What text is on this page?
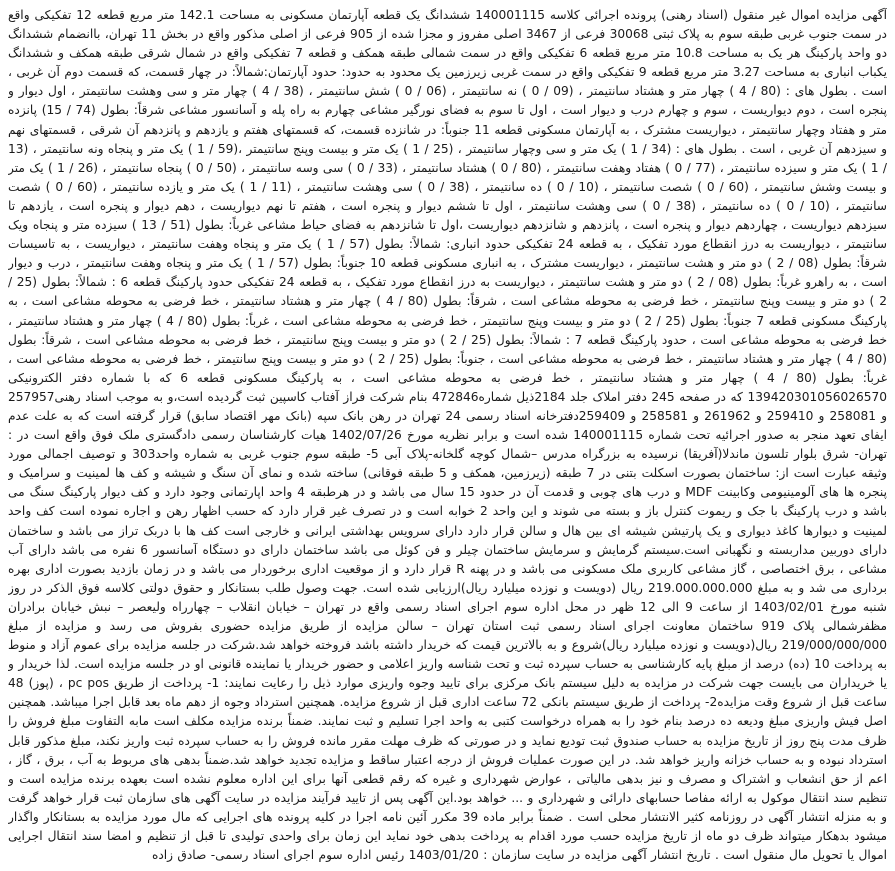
آگهی مزایده اموال غیر منقول (اسناد رهنی) پرونده اجرائی کلاسه 140001115 ششدانگ یک قطعه آپارتمان مسکونی به مساحت 142.1 متر مربع قطعه 12 تفکیکی واقع در سمت جنوب غربی طبقه سوم به پلاک ثبتی 30068 فرعی از 3467 اصلی مفروز و مجزا شده از 905 فرعی از اصلی مذکور واقع در بخش 11 تهران، باانضمام ششدانگ دو واحد پارکینگ هر یک به مساحت 10.8 متر مربع قطعه 6 تفکیکی واقع در سمت شمالی طبقه همکف و قطعه 7 تفکیکی واقع در شمال شرقی طبقه همکف و ششدانگ یکباب انباری به مساحت 3.27 متر مربع قطعه 9 تفکیکی واقع در سمت غربی زیرزمین یک محدود به حدود: حدود آپارتمان:شمالاً: در چهار قسمت، که قسمت دوم آن غربی ، است . بطول های : (80 / 4 ) چهار متر و هشتاد سانتیمتر ، (09 / 0 ) نه سانتیمتر ، (06 / 0 ) شش سانتیمتر ، (38 / 4 ) چهار متر و سی وهشت سانتیمتر ، اول دیوار و پنجره است ، دوم دیواریست ، سوم و چهارم درب و دیوار است ، اول تا سوم به فضای نورگیر مشاعی چهارم به راه پله و آسانسور مشاعی شرقاً: بطول (74 / 15) پانزده متر و هفتاد وچهار سانتیمتر ، دیواریست مشترک ، به آپارتمان مسکونی قطعه 11 جنوباً: در شانزده قسمت، که قسمتهای هفتم و یازدهم و پانزدهم آن شرقی ، قسمتهای نهم و سیزدهم آن غربی ، است . بطول های : (34 / 1 ) یک متر و سی وچهار سانتیمتر ، (25 / 1 ) یک متر و بیست وپنج سانتیمتر ،(59 / 1 ) یک متر و پنجاه ونه سانتیمتر ، (13 / 1 ) یک متر و سیزده سانتیمتر ، (77 / 0 ) هفتاد وهفت سانتیمتر ، (80 / 0 ) هشتاد سانتیمتر ، (33 / 0 ) سی وسه سانتیمتر ، (50 / 0 ) پنجاه سانتیمتر ، (26 / 1 ) یک متر و بیست وشش سانتیمتر ، (60 / 0 ) شصت سانتیمتر ، (10 / 0 ) ده سانتیمتر ، (38 / 0 ) سی وهشت سانتیمتر ، (11 / 1 ) یک متر و یازده سانتیمتر ، (60 / 0 ) شصت سانتیمتر ، (10 / 0 ) ده سانتیمتر ، (38 / 0 ) سی وهشت سانتیمتر ، اول تا ششم دیوار و پنجره است ، هفتم تا نهم دیواریست ، دهم دیوار و پنجره است ، یازدهم تا سیزدهم دیواریست ، چهاردهم دیوار و پنجره است ، پانزدهم و شانزدهم دیواریست ،اول تا شانزدهم به فضای حیاط مشاعی غرباً: بطول (51 / 13 ) سیزده متر و پنجاه ویک سانتیمتر ، دیواریست به درز انقطاع مورد تفکیک ، به قطعه 24 تفکیکی حدود انباری: شمالاً: بطول (57 / 1 ) یک متر و پنجاه وهفت سانتیمتر ، دیواریست ، به تاسیسات شرقاً: بطول (08 / 2 ) دو متر و هشت سانتیمتر ، دیواریست مشترک ، به انباری مسکونی قطعه 10 جنوباً: بطول (57 / 1 ) یک متر و پنجاه وهفت سانتیمتر ، درب و دیوار است ، به راهرو غرباً: بطول (08 / 2 ) دو متر و هشت سانتیمتر ، دیواریست به درز انقطاع مورد تفکیک ، به قطعه 24 تفکیکی حدود پارکینگ قطعه 6 : شمالاً: بطول (25 / 2 ) دو متر و بیست وپنج سانتیمتر ، خط فرضی به محوطه مشاعی است ، شرقاً: بطول (80 / 4 ) چهار متر و هشتاد سانتیمتر ، خط فرضی به محوطه مشاعی است ، به پارکینگ مسکونی قطعه 7 جنوباً: بطول (25 / 2 ) دو متر و بیست وپنج سانتیمتر ، خط فرضی به محوطه مشاعی است ، غرباً: بطول (80 / 4 ) چهار متر و هشتاد سانتیمتر ، خط فرضی به محوطه مشاعی است ، حدود پارکینگ قطعه 7 : شمالاً: بطول (25 / 2 ) دو متر و بیست وپنج سانتیمتر ، خط فرضی به محوطه مشاعی است ، شرقاً: بطول (80 / 4 ) چهار متر و هشتاد سانتیمتر ، خط فرضی به محوطه مشاعی است ، جنوباً: بطول (25 / 2 ) دو متر و بیست وپنج سانتیمتر ، خط فرضی به محوطه مشاعی است ، غرباً: بطول (80 / 4 ) چهار متر و هشتاد سانتیمتر ، خط فرضی به محوطه مشاعی است ، به پارکینگ مسکونی قطعه 6 که با شماره دفتر الکترونیکی 139420301056026570 که در صفحه 245 دفتر املاک جلد 2184ذیل شماره472846 بنام شرکت فراز آفتاب کاسپین ثبت گردیده است،و به موجب اسناد رهنی257957 و 258081 و 259410 و 261962 و 258581 و 259409دفترخانه اسناد رسمی 24 تهران در رهن بانک سپه (بانک مهر اقتصاد سابق) قرار گرفته است که به علت عدم ایفای تعهد منجر به صدور اجرائیه تحت شماره 140001115 شده است و برابر نظریه مورخ 1402/07/26 هیات کارشناسان رسمی دادگستری ملک فوق واقع است در : تهران- شرق بلوار تلسون ماندلا(آفریقا) نرسیده به بزرگراه مدرس –شمال کوچه گلخانه-پلاک آبی 5- طبقه سوم جنوب غربی به شماره واحد303 و توصیف اجمالی مورد وثیقه عبارت است از: ساختمان بصورت اسکلت بتنی در 7 طبقه (زیرزمین، همکف و 5 طبقه فوقانی) ساخته شده و نمای آن سنگ و شیشه و کف ها لمینیت و سرامیک و پنجره ها های آلومینیومی وکابینت MDF و درب های چوبی و قدمت آن در حدود 15 سال می باشد و در هرطبقه 4 واحد اپارتمانی وجود دارد و کف دیوار پارکینگ سنگ می باشد و درب پارکینگ با جک و ریموت کنترل باز و بسته می شوند و این واحد 2 خوابه است و در تصرف غیر قرار دارد که حسب اظهار رهن و اجاره نموده است کف واحد لمینیت و دیوارها کاغذ دیواری و یک پارتیشن شیشه ای بین هال و سالن قرار دارد دارای سرویس بهداشتی ایرانی و خارجی است کف ها با دربک تراز می باشد و ساختمان دارای دوربین مداربسته و نگهبانی است.سیستم گرمایش و سرمایش ساختمان چیلر و فن کوئل می باشد ساختمان دارای دو دستگاه آسانسور 6 نفره می باشد دارای آب مشاعی ، برق اختصاصی ، گاز مشاعی کاربری ملک مسکونی می باشد و در پهنه R قرار دارد و از موقعیت اداری برخوردار می باشد و در زمان بازدید بصورت اداری بهره برداری می شد و به مبلغ 219.000.000.000 ریال (دویست و نوزده میلیارد ریال)ارزیابی شده است. جهت وصول طلب بستانکار و حقوق دولتی کلاسه فوق الذکر در روز شنبه مورخ 1403/02/01 از ساعت 9 الی 12 ظهر در محل اداره سوم اجرای اسناد رسمی واقع در تهران – خیابان انقلاب – چهارراه ولیعصر – نبش خیابان برادران مظفرشمالی پلاک 919 ساختمان معاونت اجرای اسناد رسمی ثبت استان تهران – سالن مزایده از طریق مزایده حضوری بفروش می رسد و مزایده از مبلغ 219/000/000/000 ریال(دویست و نوزده میلیارد ریال)شروع و به بالاترین قیمت که خریدار داشته باشد فروخته خواهد شد.شرکت در جلسه مزایده برای عموم آزاد و منوط به پرداخت 10 (ده) درصد از مبلغ پایه کارشناسی به حساب سپرده ثبت و تحت شناسه واریز اعلامی و حضور خریدار یا نماینده قانونی او در جلسه مزایده است. لذا خریدار و یا خریداران می بایست جهت شرکت در مزایده به دلیل سیستم بانک مرکزی برای تایید وجوه واریزی موارد ذیل را رعایت نمایند: 1- پرداخت از طریق pc pos ، (پوز) 48 ساعت قبل از شروع وقت مزایده2- پرداخت از طریق سیستم بانکی 72 ساعت اداری قبل از شروع مزایده. همچنین استرداد وجوه از دهم ماه بعد قابل اجرا میباشد. همچنین اصل فیش واریزی مبلغ ودیعه ده درصد بنام خود را به همراه درخواست کتبی به واحد اجرا تسلیم و ثبت نمایند. ضمناً برنده مزایده مکلف است مابه التفاوت مبلغ فروش را ظرف مدت پنج روز از تاریخ مزایده به حساب صندوق ثبت تودیع نماید و در صورتی که ظرف مهلت مقرر مانده فروش را به حساب سپرده ثبت واریز نکند، مبلغ مذکور قابل استرداد نبوده و به حساب خزانه واریز خواهد شد. در این صورت عملیات فروش از درجه اعتبار ساقط و مزایده تجدید خواهد شد.ضمناً بدهی های مربوط به آب ، برق ، گاز ، اعم از حق انشعاب و اشتراک و مصرف و نیز بدهی مالیاتی ، عوارض شهرداری و غیره که رقم قطعی آنها برای این اداره معلوم نشده است بعهده برنده مزایده است و تنظیم سند انتقال موکول به ارائه مفاصا حسابهای دارائی و شهرداری و ... خواهد بود.این آگهی پس از تایید فرآیند مزایده در سایت آگهی های سازمان ثبت قرار خواهد گرفت و به منزله انتشار آگهی در روزنامه کثیر الانتشار محلی است . ضمناً برابر ماده 39 مکرر آئین نامه اجرا در کلیه پرونده های اجرایی که مال مورد مزایده به بستانکار واگذار میشود بدهکار میتواند ظرف دو ماه از تاریخ مزایده حسب مورد اقدام به پرداخت بدهی خود نماید این زمان برای واحدی تولیدی تا قبل از تنظیم و امضا سند انتقال اجرایی اموال یا تحویل مال منقول است . تاریخ انتشار آگهی مزایده در سایت سازمان : 1403/01/20 رئیس اداره سوم اجرای اسناد رسمی- صادق زاده
